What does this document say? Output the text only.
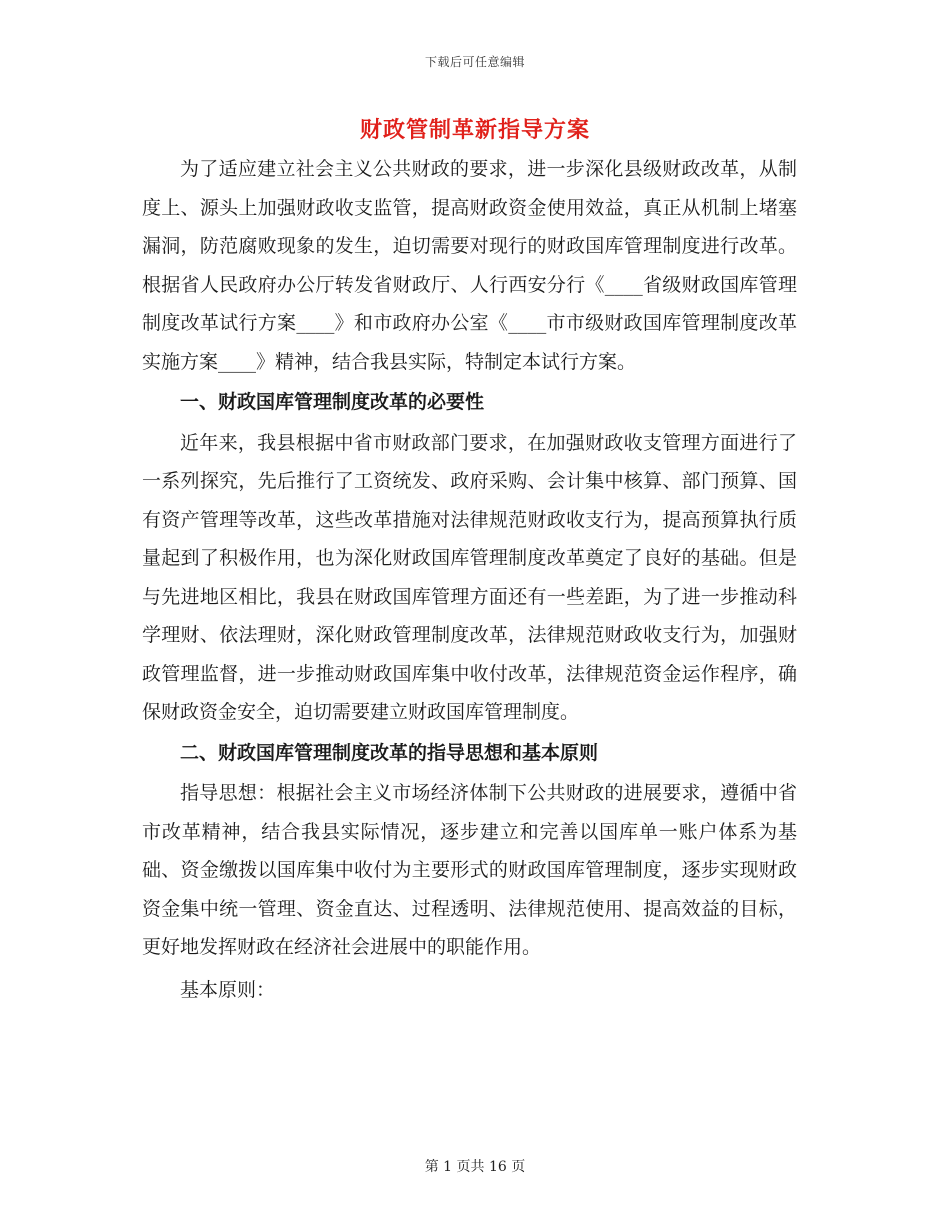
下载后可任意编辑
财政管制革新指导方案

为了适应建立社会主义公共财政的要求，进一步深化县级财政改革，从制度上、源头上加强财政收支监管，提高财政资金使用效益，真正从机制上堵塞漏洞，防范腐败现象的发生，迫切需要对现行的财政国库管理制度进行改革。根据省人民政府办公厅转发省财政厅、人行西安分行《____省级财政国库管理制度改革试行方案____》和市政府办公室《____市市级财政国库管理制度改革实施方案____》精神，结合我县实际，特制定本试行方案。

一、财政国库管理制度改革的必要性

近年来，我县根据中省市财政部门要求，在加强财政收支管理方面进行了一系列探究，先后推行了工资统发、政府采购、会计集中核算、部门预算、国有资产管理等改革，这些改革措施对法律规范财政收支行为，提高预算执行质量起到了积极作用，也为深化财政国库管理制度改革奠定了良好的基础。但是与先进地区相比，我县在财政国库管理方面还有一些差距，为了进一步推动科学理财、依法理财，深化财政管理制度改革，法律规范财政收支行为，加强财政管理监督，进一步推动财政国库集中收付改革，法律规范资金运作程序，确保财政资金安全，迫切需要建立财政国库管理制度。

二、财政国库管理制度改革的指导思想和基本原则

指导思想：根据社会主义市场经济体制下公共财政的进展要求，遵循中省市改革精神，结合我县实际情况，逐步建立和完善以国库单一账户体系为基础、资金缴拨以国库集中收付为主要形式的财政国库管理制度，逐步实现财政资金集中统一管理、资金直达、过程透明、法律规范使用、提高效益的目标，更好地发挥财政在经济社会进展中的职能作用。

基本原则：

第 1 页共 16 页
